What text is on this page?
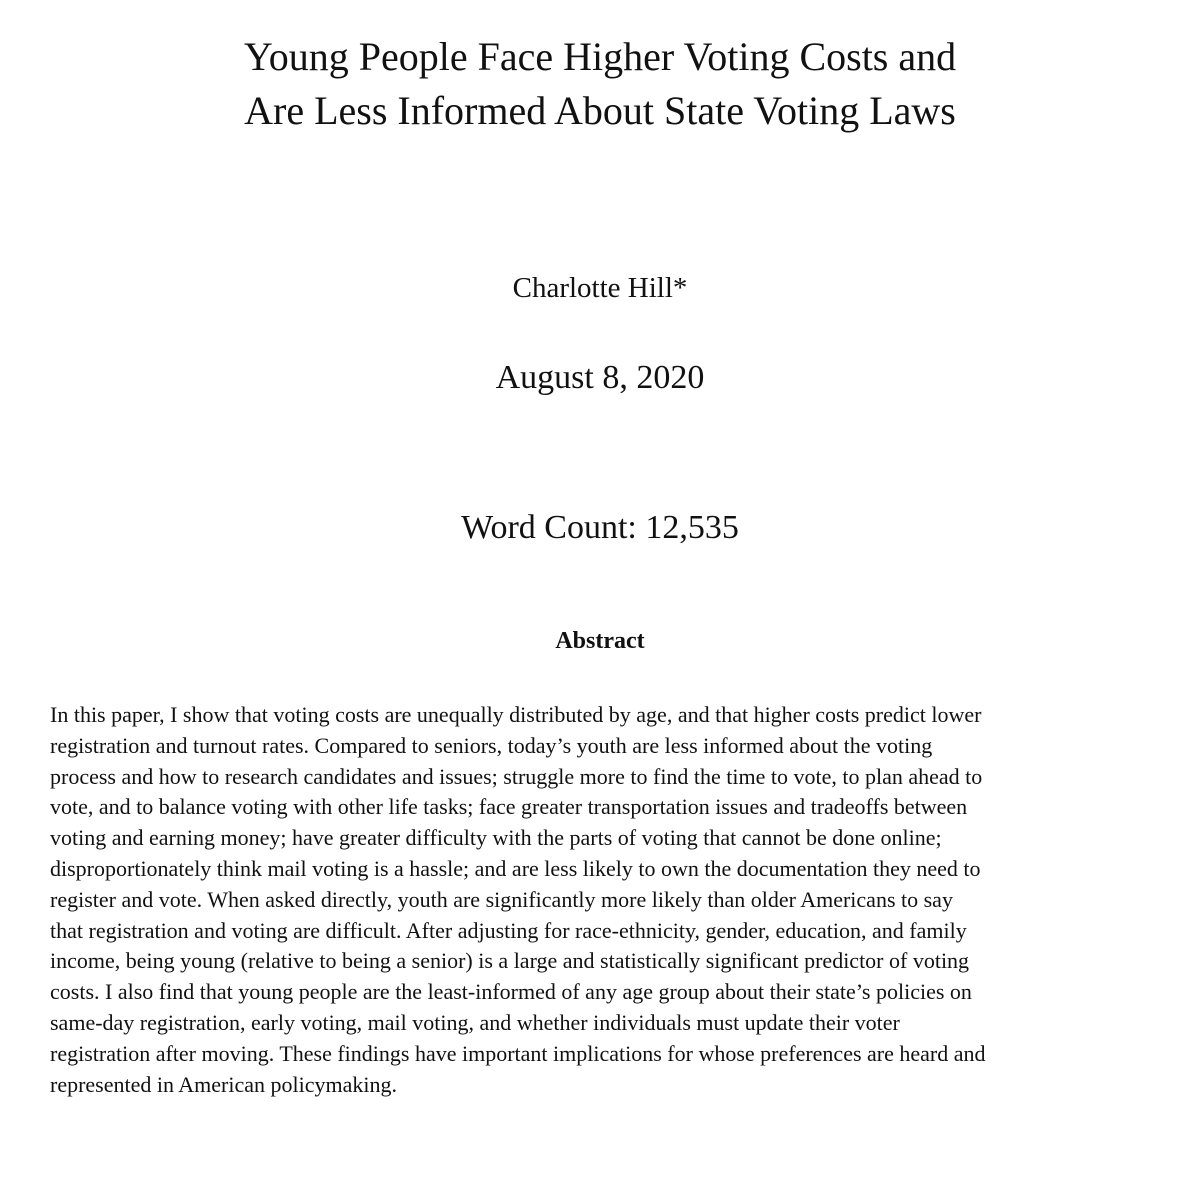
Young People Face Higher Voting Costs and
Are Less Informed About State Voting Laws
Charlotte Hill*
August 8, 2020
Word Count: 12,535
Abstract
In this paper, I show that voting costs are unequally distributed by age, and that higher costs predict lower
registration and turnout rates. Compared to seniors, today’s youth are less informed about the voting
process and how to research candidates and issues; struggle more to find the time to vote, to plan ahead to
vote, and to balance voting with other life tasks; face greater transportation issues and tradeoffs between
voting and earning money; have greater difficulty with the parts of voting that cannot be done online;
disproportionately think mail voting is a hassle; and are less likely to own the documentation they need to
register and vote. When asked directly, youth are significantly more likely than older Americans to say
that registration and voting are difficult. After adjusting for race-ethnicity, gender, education, and family
income, being young (relative to being a senior) is a large and statistically significant predictor of voting
costs. I also find that young people are the least-informed of any age group about their state’s policies on
same-day registration, early voting, mail voting, and whether individuals must update their voter
registration after moving. These findings have important implications for whose preferences are heard and
represented in American policymaking.
